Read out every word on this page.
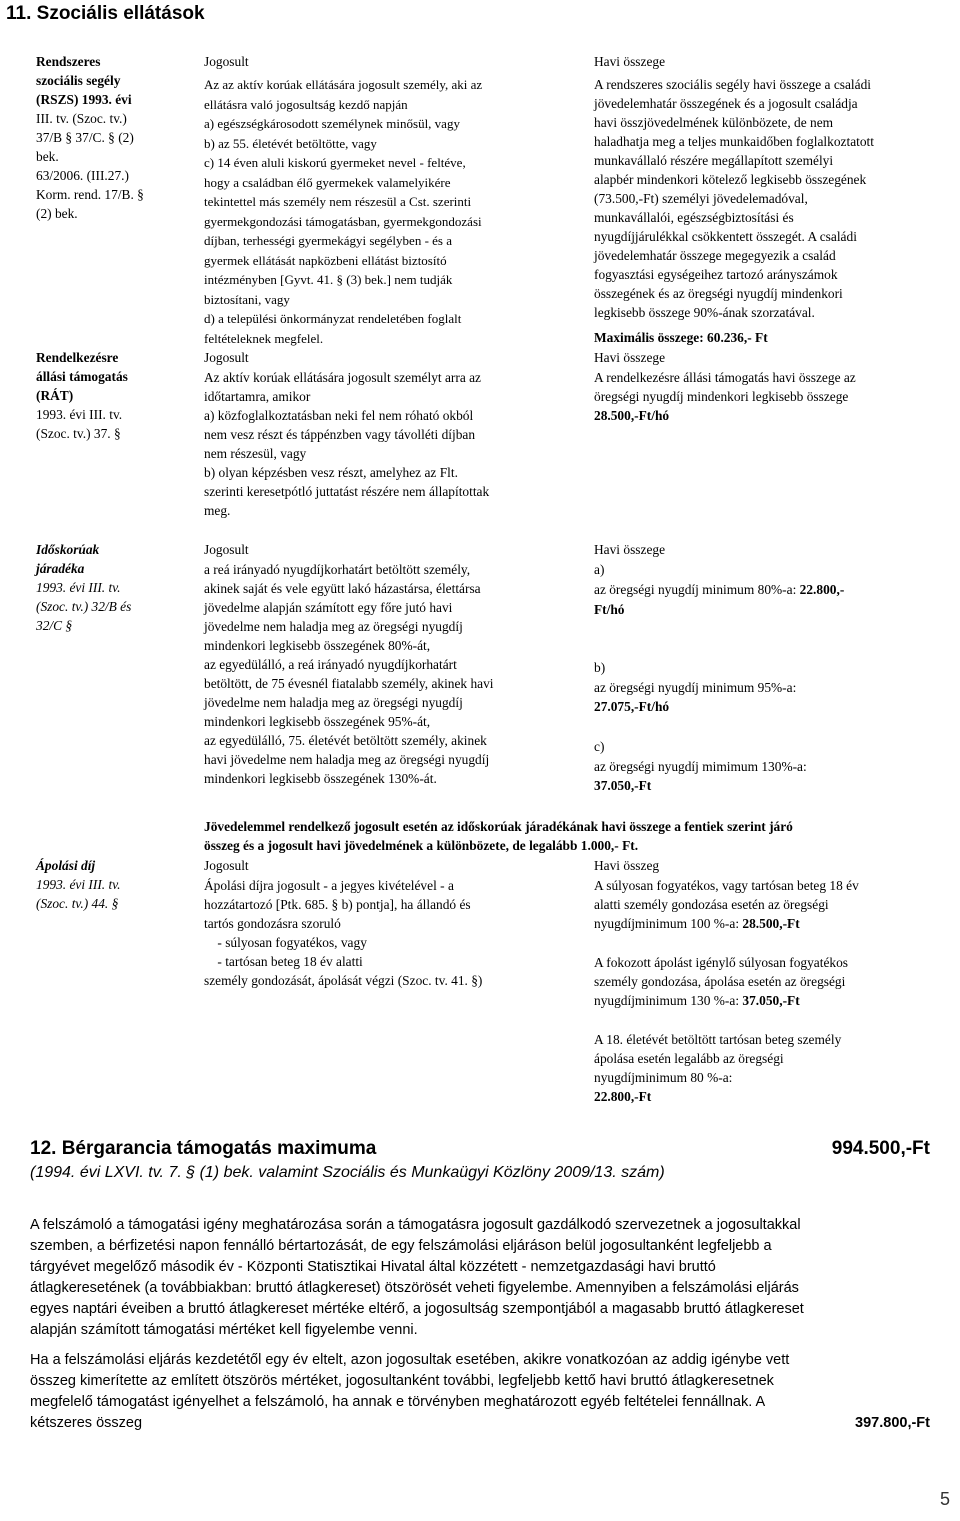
11. Szociális ellátások
Rendszeres
szociális segély
(RSZS) 1993. évi
III. tv. (Szoc. tv.)
37/B § 37/C. § (2)
bek.
63/2006. (III.27.)
Korm. rend. 17/B. §
(2) bek.
Jogosult
Az az aktív korúak ellátására jogosult személy, aki az
ellátásra való jogosultság kezdő napján
a) egészségkárosodott személynek minősül, vagy
b) az 55. életévét betöltötte, vagy
c) 14 éven aluli kiskorú gyermeket nevel - feltéve,
hogy a családban élő gyermekek valamelyikére
tekintettel más személy nem részesül a Cst. szerinti
gyermekgondozási támogatásban, gyermekgondozási
díjban, terhességi gyermekágyi segélyben - és a
gyermek ellátását napközbeni ellátást biztosító
intézményben [Gyvt. 41. § (3) bek.] nem tudják
biztosítani, vagy
d) a települési önkormányzat rendeletében foglalt
feltételeknek megfelel.
Havi összege
A rendszeres szociális segély havi összege a családi
jövedelemhatár összegének és a jogosult családja
havi összjövedelmének különbözete, de nem
haladhatja meg a teljes munkaidőben foglalkoztatott
munkavállaló részére megállapított személyi
alapbér mindenkori kötelező legkisebb összegének
(73.500,-Ft) személyi jövedelemadóval,
munkavállalói, egészségbiztosítási és
nyugdíjjárulékkal csökkentett összegét. A családi
jövedelemhatár összege megegyezik a család
fogyasztási egységeihez tartozó arányszámok
összegének és az öregségi nyugdíj mindenkori
legkisebb összege 90%-ának szorzatával.
Maximális összege: 60.236,- Ft
Rendelkezésre
állási támogatás
(RÁT)
1993. évi III. tv.
(Szoc. tv.) 37. §
Jogosult
Az aktív korúak ellátására jogosult személyt arra az
időtartamra, amikor
a) közfoglalkoztatásban neki fel nem róható okból
nem vesz részt és táppénzben vagy távolléti díjban
nem részesül, vagy
b) olyan képzésben vesz részt, amelyhez az Flt.
szerinti keresetpótló juttatást részére nem állapítottak
meg.
Havi összege
A rendelkezésre állási támogatás havi összege az
öregségi nyugdíj mindenkori legkisebb összege
28.500,-Ft/hó
Időskorúak
járadéka
1993. évi III. tv.
(Szoc. tv.) 32/B és
32/C §
Jogosult
a reá irányadó nyugdíjkorhatárt betöltött személy,
akinek saját és vele együtt lakó házastársa, élettársa
jövedelme alapján számított egy főre jutó havi
jövedelme nem haladja meg az öregségi nyugdíj
mindenkori legkisebb összegének 80%-át,
az egyedülálló, a reá irányadó nyugdíjkorhatárt
betöltött, de 75 évesnél fiatalabb személy, akinek havi
jövedelme nem haladja meg az öregségi nyugdíj
mindenkori legkisebb összegének 95%-át,
az egyedülálló, 75. életévét betöltött személy, akinek
havi jövedelme nem haladja meg az öregségi nyugdíj
mindenkori legkisebb összegének 130%-át.
Havi összege
a)
az öregségi nyugdíj minimum 80%-a: 22.800,-
Ft/hó
b)
az öregségi nyugdíj minimum 95%-a:
27.075,-Ft/hó
c)
az öregségi nyugdíj mimimum 130%-a:
37.050,-Ft
Jövedelemmel rendelkező jogosult esetén az időskorúak járadékának havi összege a fentiek szerint járó
összeg és a jogosult havi jövedelmének a különbözete, de legalább 1.000,- Ft.
Ápolási díj
1993. évi III. tv.
(Szoc. tv.) 44. §
Jogosult
Ápolási díjra jogosult - a jegyes kivételével - a
hozzátartozó [Ptk. 685. § b) pontja], ha állandó és
tartós gondozásra szoruló
- súlyosan fogyatékos, vagy
- tartósan beteg 18 év alatti
személy gondozását, ápolását végzi (Szoc. tv. 41. §)
Havi összeg
A súlyosan fogyatékos, vagy tartósan beteg 18 év
alatti személy gondozása esetén az öregségi
nyugdíjminimum 100 %-a: 28.500,-Ft
A fokozott ápolást igénylő súlyosan fogyatékos
személy gondozása, ápolása esetén az öregségi
nyugdíjminimum 130 %-a: 37.050,-Ft
A 18. életévét betöltött tartósan beteg személy
ápolása esetén legalább az öregségi
nyugdíjminimum 80 %-a:
22.800,-Ft
12. Bérgarancia támogatás maximuma	994.500,-Ft
(1994. évi LXVI. tv. 7. § (1) bek. valamint Szociális és Munkaügyi Közlöny 2009/13. szám)
A felszámoló a támogatási igény meghatározása során a támogatásra jogosult gazdálkodó szervezetnek a jogosultakkal
szemben, a bérfizetési napon fennálló bértartozását, de egy felszámolási eljáráson belül jogosultanként legfeljebb a
tárgyévet megelőző második év - Központi Statisztikai Hivatal által közzétett - nemzetgazdasági havi bruttó
átlagkeresetének (a továbbiakban: bruttó átlagkereset) ötszörösét veheti figyelembe. Amennyiben a felszámolási eljárás
egyes naptári éveiben a bruttó átlagkereset mértéke eltérő, a jogosultság szempontjából a magasabb bruttó átlagkereset
alapján számított támogatási mértéket kell figyelembe venni.
Ha a felszámolási eljárás kezdetétől egy év eltelt, azon jogosultak esetében, akikre vonatkozóan az addig igénybe vett
összeg kimerítette az említett ötszörös mértéket, jogosultanként további, legfeljebb kettő havi bruttó átlagkeresetnek
megfelelő támogatást igényelhet a felszámoló, ha annak e törvényben meghatározott egyéb feltételei fennállnak. A
kétszeres összeg	397.800,-Ft
5
